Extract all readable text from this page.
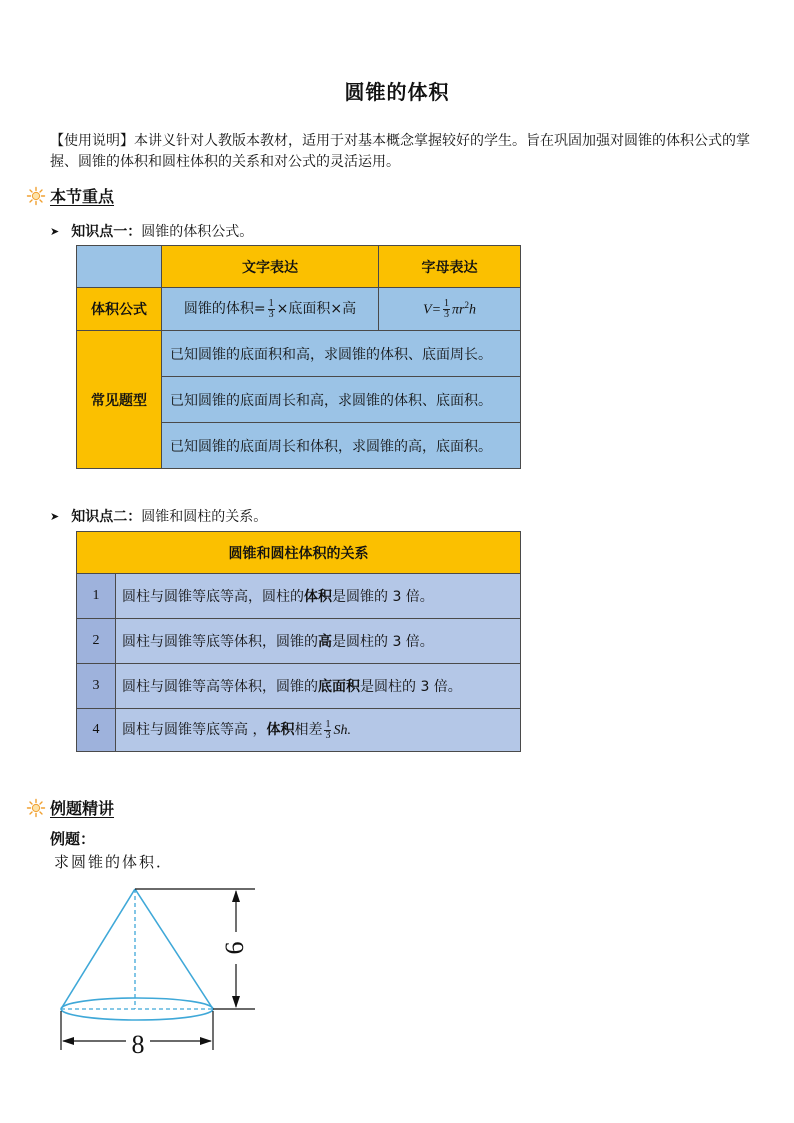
圆锥的体积
【使用说明】本讲义针对人教版本教材，适用于对基本概念掌握较好的学生。旨在巩固加强对圆锥的体积公式的掌握、圆锥的体积和圆柱体积的关系和对公式的灵活运用。
本节重点
➤ 知识点一： 圆锥的体积公式。
	文字表达	字母表达
体积公式	圆锥的体积= $\frac{1}{3}$ ×底面积×高	$V= \frac{1}{3} \pi r^2h$
常见题型	已知圆锥的底面积和高，求圆锥的体积、底面周长。	
	已知圆锥的底面周长和高，求圆锥的体积、底面积。	
	已知圆锥的底面周长和体积，求圆锥的高，底面积。	
➤ 知识点二： 圆锥和圆柱的关系。
圆锥和圆柱体积的关系	
1	圆柱与圆锥等底等高，圆柱的体积是圆锥的 3 倍。
2	圆柱与圆锥等底等体积，圆锥的高是圆柱的 3 倍。
3	圆柱与圆锥等高等体积，圆锥的底面积是圆柱的 3 倍。
4	圆柱与圆锥等底等高 ，体积相差 $\frac{1}{3} Sh$.
例题精讲
例题：
求圆锥的体积．
6
8
